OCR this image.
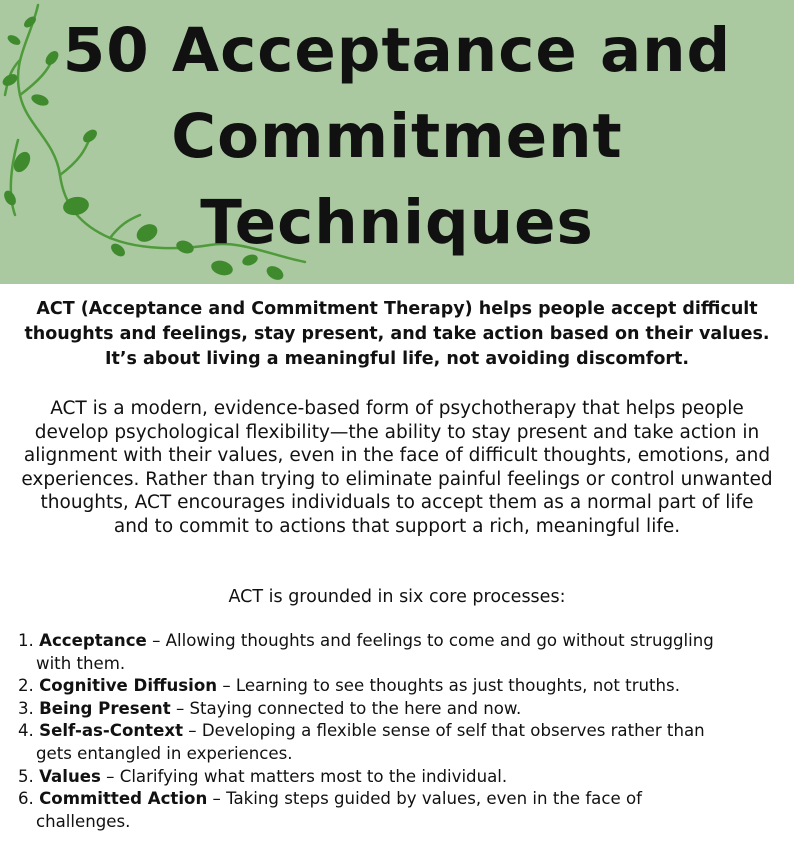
50 Acceptance and
Commitment
Techniques
ACT (Acceptance and Commitment Therapy) helps people accept difficult
thoughts and feelings, stay present, and take action based on their values.
It’s about living a meaningful life, not avoiding discomfort.
ACT is a modern, evidence-based form of psychotherapy that helps people
develop psychological flexibility—the ability to stay present and take action in
alignment with their values, even in the face of difficult thoughts, emotions, and
experiences. Rather than trying to eliminate painful feelings or control unwanted
thoughts, ACT encourages individuals to accept them as a normal part of life
and to commit to actions that support a rich, meaningful life.
ACT is grounded in six core processes:
1. Acceptance – Allowing thoughts and feelings to come and go without struggling
with them.
2. Cognitive Diffusion – Learning to see thoughts as just thoughts, not truths.
3. Being Present – Staying connected to the here and now.
4. Self-as-Context – Developing a flexible sense of self that observes rather than
gets entangled in experiences.
5. Values – Clarifying what matters most to the individual.
6. Committed Action – Taking steps guided by values, even in the face of
challenges.
